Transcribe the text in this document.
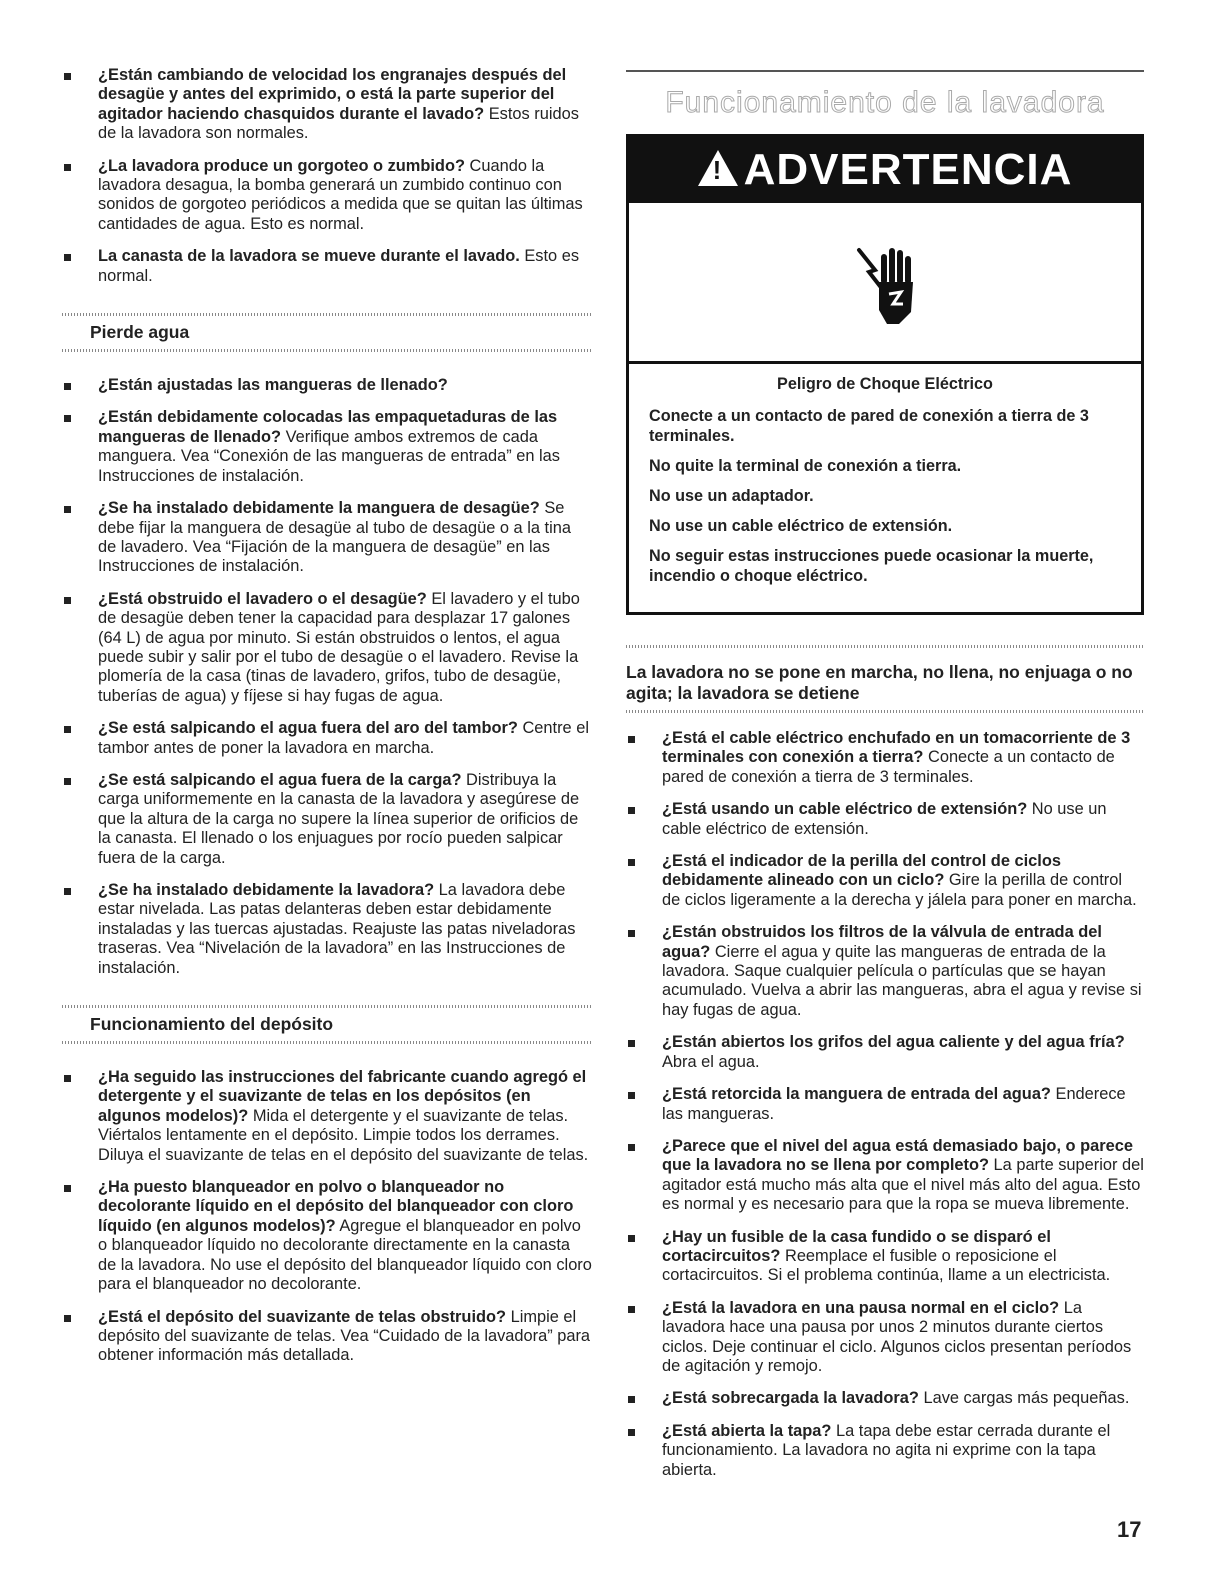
¿Están cambiando de velocidad los engranajes después del desagüe y antes del exprimido, o está la parte superior del agitador haciendo chasquidos durante el lavado? Estos ruidos de la lavadora son normales.
¿La lavadora produce un gorgoteo o zumbido? Cuando la lavadora desagua, la bomba generará un zumbido continuo con sonidos de gorgoteo periódicos a medida que se quitan las últimas cantidades de agua. Esto es normal.
La canasta de la lavadora se mueve durante el lavado. Esto es normal.
Pierde agua
¿Están ajustadas las mangueras de llenado?
¿Están debidamente colocadas las empaquetaduras de las mangueras de llenado? Verifique ambos extremos de cada manguera. Vea “Conexión de las mangueras de entrada” en las Instrucciones de instalación.
¿Se ha instalado debidamente la manguera de desagüe? Se debe fijar la manguera de desagüe al tubo de desagüe o a la tina de lavadero. Vea “Fijación de la manguera de desagüe” en las Instrucciones de instalación.
¿Está obstruido el lavadero o el desagüe? El lavadero y el tubo de desagüe deben tener la capacidad para desplazar 17 galones (64 L) de agua por minuto. Si están obstruidos o lentos, el agua puede subir y salir por el tubo de desagüe o el lavadero. Revise la plomería de la casa (tinas de lavadero, grifos, tubo de desagüe, tuberías de agua) y fíjese si hay fugas de agua.
¿Se está salpicando el agua fuera del aro del tambor? Centre el tambor antes de poner la lavadora en marcha.
¿Se está salpicando el agua fuera de la carga? Distribuya la carga uniformemente en la canasta de la lavadora y asegúrese de que la altura de la carga no supere la línea superior de orificios de la canasta. El llenado o los enjuagues por rocío pueden salpicar fuera de la carga.
¿Se ha instalado debidamente la lavadora? La lavadora debe estar nivelada. Las patas delanteras deben estar debidamente instaladas y las tuercas ajustadas. Reajuste las patas niveladoras traseras. Vea “Nivelación de la lavadora” en las Instrucciones de instalación.
Funcionamiento del depósito
¿Ha seguido las instrucciones del fabricante cuando agregó el detergente y el suavizante de telas en los depósitos (en algunos modelos)? Mida el detergente y el suavizante de telas. Viértalos lentamente en el depósito. Limpie todos los derrames. Diluya el suavizante de telas en el depósito del suavizante de telas.
¿Ha puesto blanqueador en polvo o blanqueador no decolorante líquido en el depósito del blanqueador con cloro líquido (en algunos modelos)? Agregue el blanqueador en polvo o blanqueador líquido no decolorante directamente en la canasta de la lavadora. No use el depósito del blanqueador líquido con cloro para el blanqueador no decolorante.
¿Está el depósito del suavizante de telas obstruido? Limpie el depósito del suavizante de telas. Vea “Cuidado de la lavadora” para obtener información más detallada.
Funcionamiento de la lavadora
!ADVERTENCIA
Peligro de Choque Eléctrico

Conecte a un contacto de pared de conexión a tierra de 3 terminales.

No quite la terminal de conexión a tierra.

No use un adaptador.

No use un cable eléctrico de extensión.

No seguir estas instrucciones puede ocasionar la muerte, incendio o choque eléctrico.

La lavadora no se pone en marcha, no llena, no enjuaga o no agita; la lavadora se detiene
¿Está el cable eléctrico enchufado en un tomacorriente de 3 terminales con conexión a tierra? Conecte a un contacto de pared de conexión a tierra de 3 terminales.
¿Está usando un cable eléctrico de extensión? No use un cable eléctrico de extensión.
¿Está el indicador de la perilla del control de ciclos debidamente alineado con un ciclo? Gire la perilla de control de ciclos ligeramente a la derecha y jálela para poner en marcha.
¿Están obstruidos los filtros de la válvula de entrada del agua? Cierre el agua y quite las mangueras de entrada de la lavadora. Saque cualquier película o partículas que se hayan acumulado. Vuelva a abrir las mangueras, abra el agua y revise si hay fugas de agua.
¿Están abiertos los grifos del agua caliente y del agua fría? Abra el agua.
¿Está retorcida la manguera de entrada del agua? Enderece las mangueras.
¿Parece que el nivel del agua está demasiado bajo, o parece que la lavadora no se llena por completo? La parte superior del agitador está mucho más alta que el nivel más alto del agua. Esto es normal y es necesario para que la ropa se mueva libremente.
¿Hay un fusible de la casa fundido o se disparó el cortacircuitos? Reemplace el fusible o reposicione el cortacircuitos. Si el problema continúa, llame a un electricista.
¿Está la lavadora en una pausa normal en el ciclo? La lavadora hace una pausa por unos 2 minutos durante ciertos ciclos. Deje continuar el ciclo. Algunos ciclos presentan períodos de agitación y remojo.
¿Está sobrecargada la lavadora? Lave cargas más pequeñas.
¿Está abierta la tapa? La tapa debe estar cerrada durante el funcionamiento. La lavadora no agita ni exprime con la tapa abierta.
17
